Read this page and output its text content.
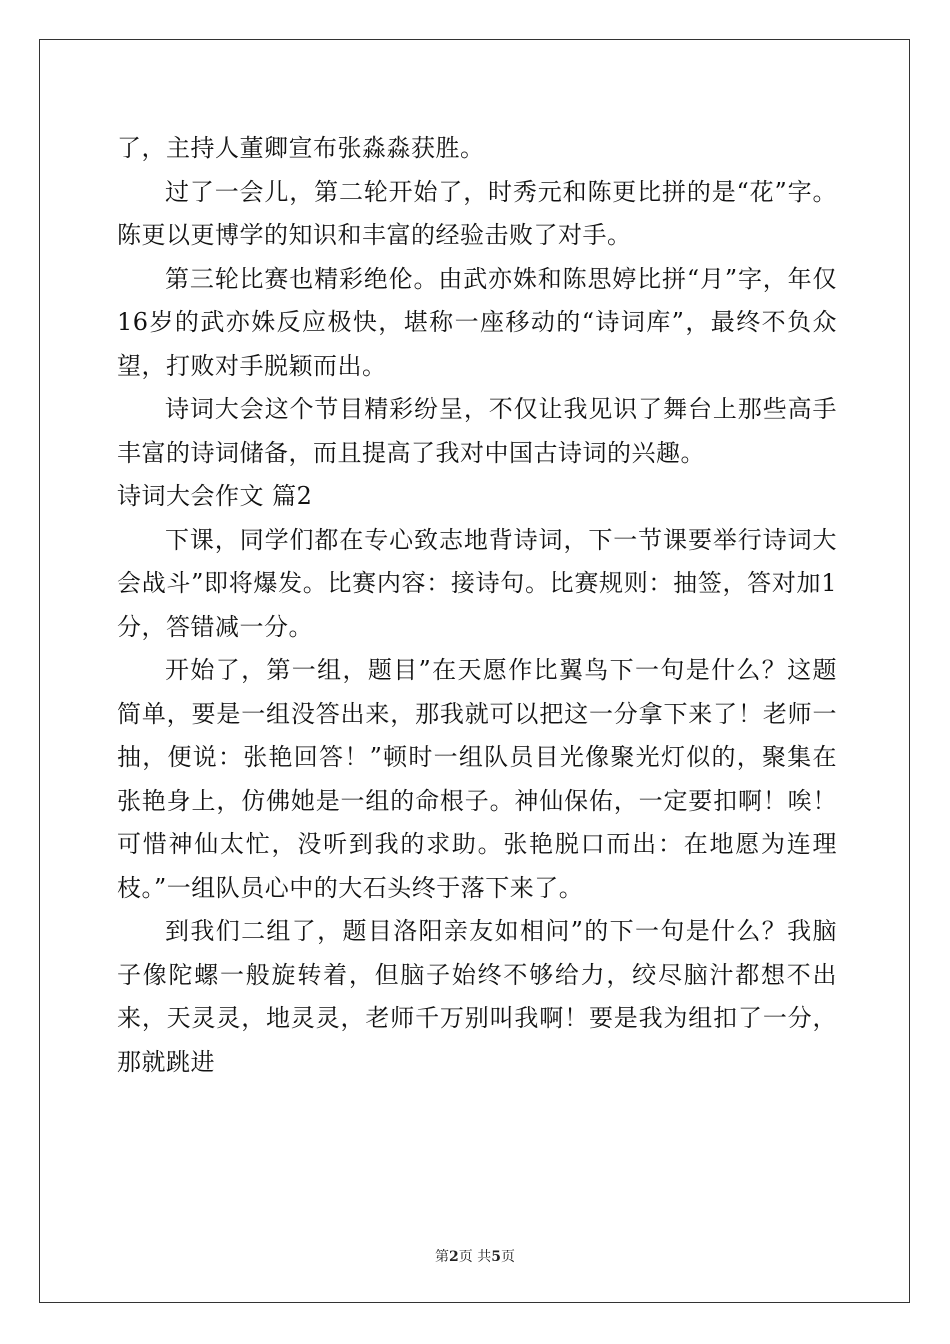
了，主持人董卿宣布张淼淼获胜。

过了一会儿，第二轮开始了，时秀元和陈更比拼的是“花”字。陈更以更博学的知识和丰富的经验击败了对手。

第三轮比赛也精彩绝伦。由武亦姝和陈思婷比拼“月”字，年仅16岁的武亦姝反应极快，堪称一座移动的“诗词库”，最终不负众望，打败对手脱颖而出。

诗词大会这个节目精彩纷呈，不仅让我见识了舞台上那些高手丰富的诗词储备，而且提高了我对中国古诗词的兴趣。

诗词大会作文 篇2

下课，同学们都在专心致志地背诗词，下一节课要举行诗词大会战斗”即将爆发。比赛内容：接诗句。比赛规则：抽签，答对加1分，答错减一分。

开始了，第一组，题目”在天愿作比翼鸟下一句是什么？这题简单，要是一组没答出来，那我就可以把这一分拿下来了！老师一抽，便说：张艳回答！”顿时一组队员目光像聚光灯似的，聚集在张艳身上，仿佛她是一组的命根子。神仙保佑，一定要扣啊！唉！可惜神仙太忙，没听到我的求助。张艳脱口而出：在地愿为连理枝。”一组队员心中的大石头终于落下来了。

到我们二组了，题目洛阳亲友如相问”的下一句是什么？我脑子像陀螺一般旋转着，但脑子始终不够给力，绞尽脑汁都想不出来，天灵灵，地灵灵，老师千万别叫我啊！要是我为组扣了一分，那就跳进

第2页 共5页
